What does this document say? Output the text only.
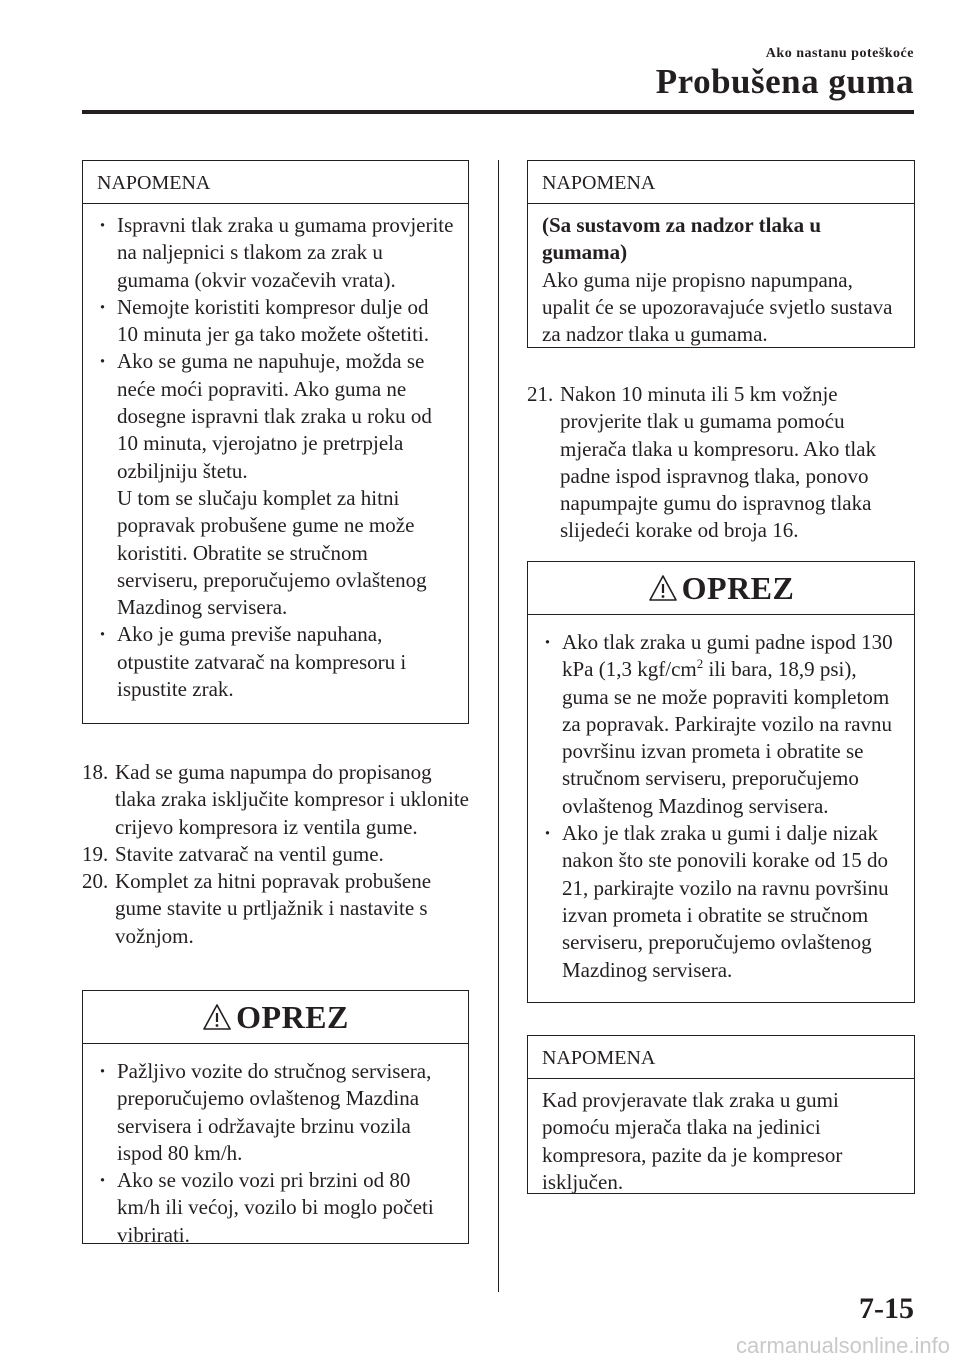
Ako nastanu poteškoće
Probušena guma
NAPOMENA
· Ispravni tlak zraka u gumama provjerite na naljepnici s tlakom za zrak u gumama (okvir vozačevih vrata).
· Nemojte koristiti kompresor dulje od 10 minuta jer ga tako možete oštetiti.
· Ako se guma ne napuhuje, možda se neće moći popraviti. Ako guma ne dosegne ispravni tlak zraka u roku od 10 minuta, vjerojatno je pretrpjela ozbiljniju štetu.
U tom se slučaju komplet za hitni popravak probušene gume ne može koristiti. Obratite se stručnom serviseru, preporučujemo ovlaštenog Mazdinog servisera.
· Ako je guma previše napuhana, otpustite zatvarač na kompresoru i ispustite zrak.
18. Kad se guma napumpa do propisanog tlaka zraka isključite kompresor i uklonite crijevo kompresora iz ventila gume.
19. Stavite zatvarač na ventil gume.
20. Komplet za hitni popravak probušene gume stavite u prtljažnik i nastavite s vožnjom.
OPREZ
· Pažljivo vozite do stručnog servisera, preporučujemo ovlaštenog Mazdina servisera i održavajte brzinu vozila ispod 80 km/h.
· Ako se vozilo vozi pri brzini od 80 km/h ili većoj, vozilo bi moglo početi vibrirati.
NAPOMENA
(Sa sustavom za nadzor tlaka u gumama)
Ako guma nije propisno napumpana, upalit će se upozoravajuće svjetlo sustava za nadzor tlaka u gumama.
21. Nakon 10 minuta ili 5 km vožnje provjerite tlak u gumama pomoću mjerača tlaka u kompresoru. Ako tlak padne ispod ispravnog tlaka, ponovo napumpajte gumu do ispravnog tlaka slijedeći korake od broja 16.
OPREZ
· Ako tlak zraka u gumi padne ispod 130 kPa (1,3 kgf/$cm^2$ ili bara, 18,9 psi), guma se ne može popraviti kompletom za popravak. Parkirajte vozilo na ravnu površinu izvan prometa i obratite se stručnom serviseru, preporučujemo ovlaštenog Mazdinog servisera.
· Ako je tlak zraka u gumi i dalje nizak nakon što ste ponovili korake od 15 do 21, parkirajte vozilo na ravnu površinu izvan prometa i obratite se stručnom serviseru, preporučujemo ovlaštenog Mazdinog servisera.
NAPOMENA
Kad provjeravate tlak zraka u gumi pomoću mjerača tlaka na jedinici kompresora, pazite da je kompresor isključen.
7-15
carmanualsonline.info
